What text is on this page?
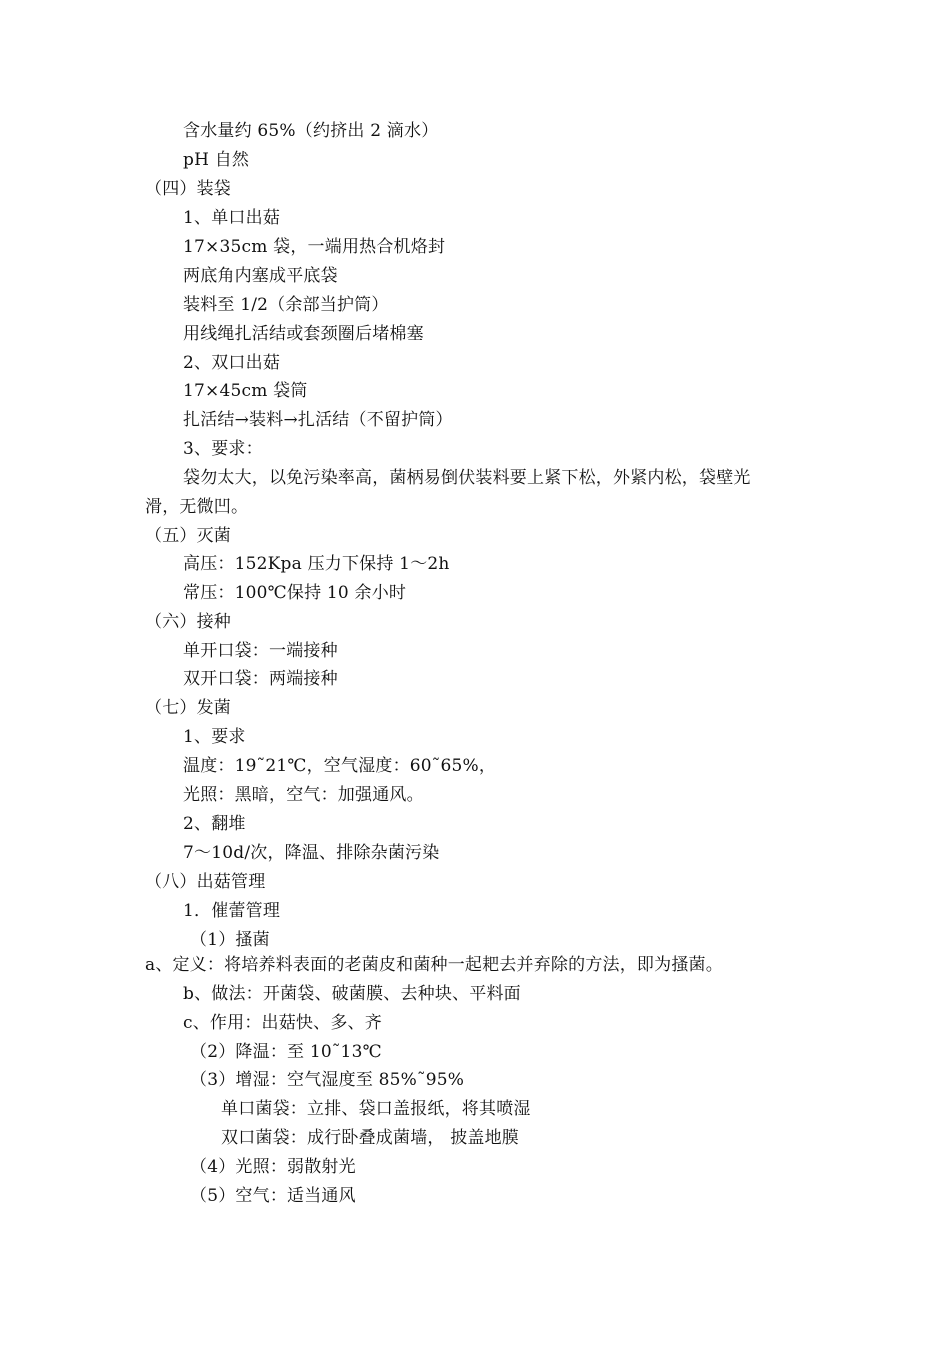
含水量约 65%（约挤出 2 滴水）
pH 自然
（四）装袋
1、单口出菇
17×35cm 袋，一端用热合机烙封
两底角内塞成平底袋
装料至 1/2（余部当护筒）
用线绳扎活结或套颈圈后堵棉塞
2、双口出菇
17×45cm 袋筒
扎活结→装料→扎活结（不留护筒）
3、要求：
袋勿太大，以免污染率高，菌柄易倒伏装料要上紧下松，外紧内松，袋壁光
滑，无微凹。
（五）灭菌
高压：152Kpa 压力下保持 1～2h
常压：100℃保持 10 余小时
（六）接种
单开口袋：一端接种
双开口袋：两端接种
（七）发菌
1、要求
温度：19˜21℃，空气湿度：60˜65%，
光照：黑暗，空气：加强通风。
2、翻堆
7～10d/次，降温、排除杂菌污染
（八）出菇管理
1．催蕾管理
（1）搔菌
a、定义：将培养料表面的老菌皮和菌种一起耙去并弃除的方法，即为搔菌。
b、做法：开菌袋、破菌膜、去种块、平料面
c、作用：出菇快、多、齐
（2）降温：至 10˜13℃
（3）增湿：空气湿度至 85%˜95%
单口菌袋：立排、袋口盖报纸，将其喷湿
双口菌袋：成行卧叠成菌墙， 披盖地膜
（4）光照：弱散射光
（5）空气：适当通风
